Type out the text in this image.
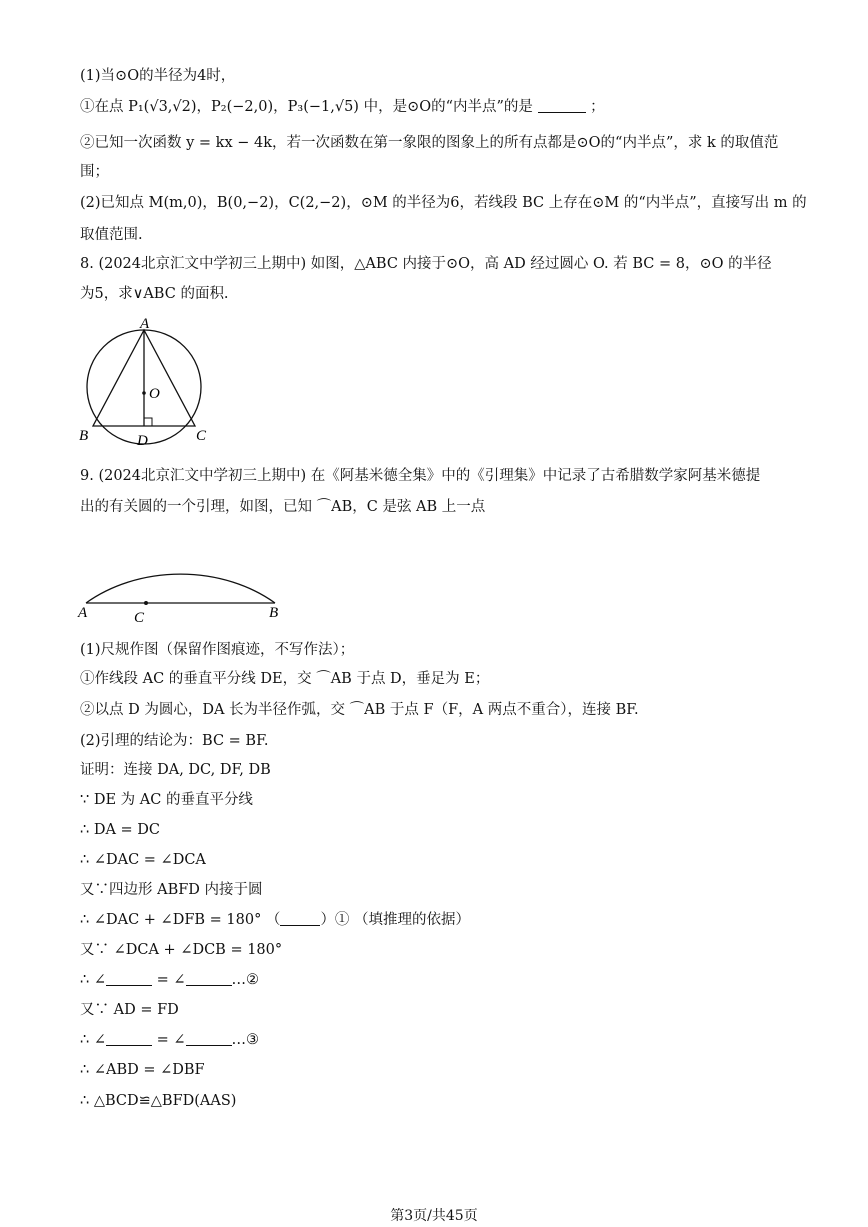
(1)当⊙O的半径为4时，
①在点 P₁(√3,√2)，P₂(−2,0)，P₃(−1,√5) 中，是⊙O的“内半点”的是	；
②已知一次函数 y = kx − 4k，若一次函数在第一象限的图象上的所有点都是⊙O的“内半点”，求 k 的取值范
围；
(2)已知点 M(m,0)，B(0,−2)，C(2,−2)，⊙M 的半径为6，若线段 BC 上存在⊙M 的“内半点”，直接写出 m 的
取值范围.
8. (2024北京汇文中学初三上期中) 如图，△ABC 内接于⊙O，高 AD 经过圆心 O. 若 BC = 8，⊙O 的半径
为5，求∨ABC 的面积.
A
O
B	D	C
9. (2024北京汇文中学初三上期中) 在《阿基米德全集》中的《引理集》中记录了古希腊数学家阿基米德提
出的有关圆的一个引理，如图，已知 ⌒AB，C 是弦 AB 上一点
A	C	B
(1)尺规作图（保留作图痕迹，不写作法）；
①作线段 AC 的垂直平分线 DE，交 ⌒AB 于点 D，垂足为 E；
②以点 D 为圆心，DA 长为半径作弧，交 ⌒AB 于点 F（F，A 两点不重合），连接 BF.
(2)引理的结论为：BC = BF.
证明：连接 DA, DC, DF, DB
∵ DE 为 AC 的垂直平分线
∴ DA = DC
∴ ∠DAC = ∠DCA
又∵四边形 ABFD 内接于圆
∴ ∠DAC + ∠DFB = 180° （	）① （填推理的依据）
又∵ ∠DCA + ∠DCB = 180°
∴ ∠	= ∠	…②
又∵ AD = FD
∴ ∠	= ∠	…③
∴ ∠ABD = ∠DBF
∴ △BCD≌△BFD(AAS)
第3页/共45页
